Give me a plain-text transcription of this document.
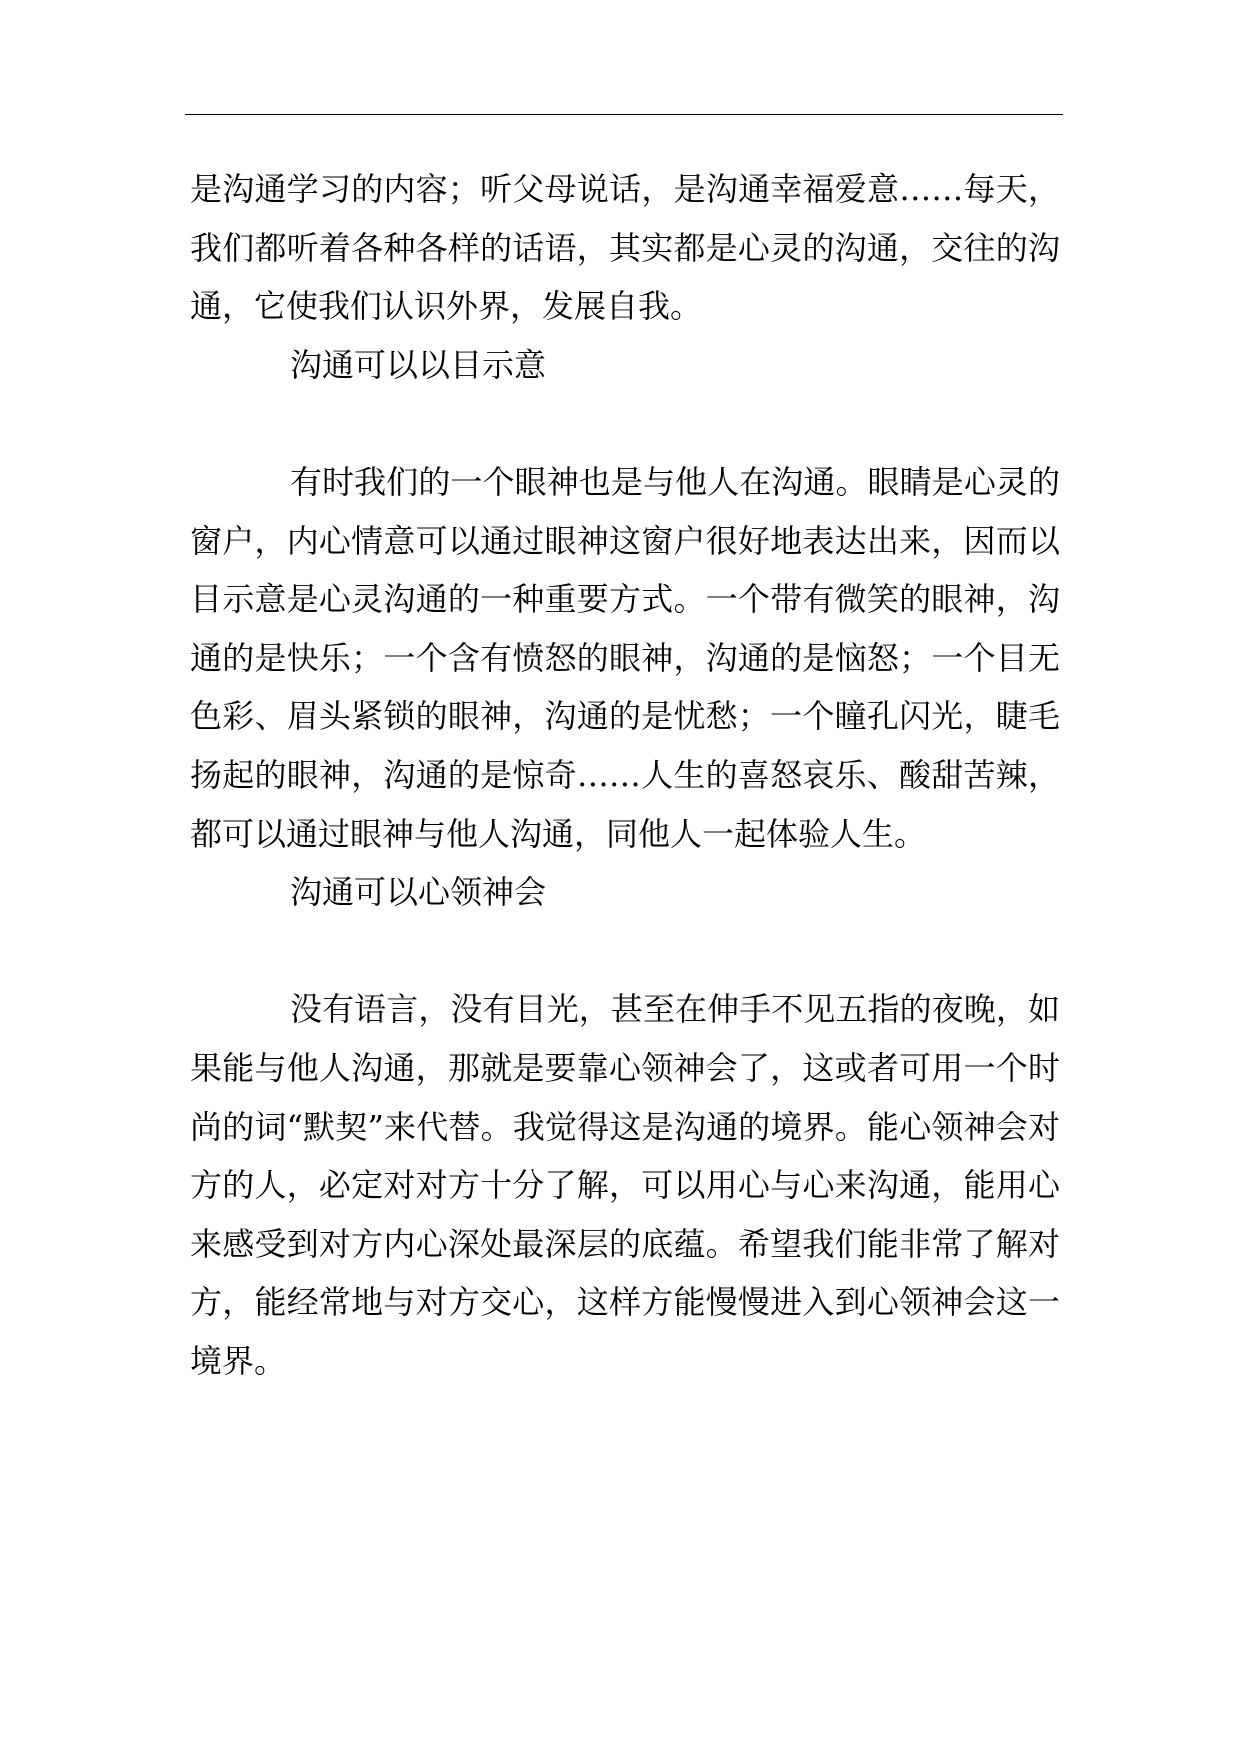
是沟通学习的内容；听父母说话，是沟通幸福爱意……每天，我们都听着各种各样的话语，其实都是心灵的沟通，交往的沟通，它使我们认识外界，发展自我。

沟通可以以目示意

有时我们的一个眼神也是与他人在沟通。眼睛是心灵的窗户，内心情意可以通过眼神这窗户很好地表达出来，因而以目示意是心灵沟通的一种重要方式。一个带有微笑的眼神，沟通的是快乐；一个含有愤怒的眼神，沟通的是恼怒；一个目无色彩、眉头紧锁的眼神，沟通的是忧愁；一个瞳孔闪光，睫毛扬起的眼神，沟通的是惊奇……人生的喜怒哀乐、酸甜苦辣，都可以通过眼神与他人沟通，同他人一起体验人生。

沟通可以心领神会

没有语言，没有目光，甚至在伸手不见五指的夜晚，如果能与他人沟通，那就是要靠心领神会了，这或者可用一个时尚的词“默契”来代替。我觉得这是沟通的境界。能心领神会对方的人，必定对对方十分了解，可以用心与心来沟通，能用心来感受到对方内心深处最深层的底蕴。希望我们能非常了解对方，能经常地与对方交心，这样方能慢慢进入到心领神会这一境界。
